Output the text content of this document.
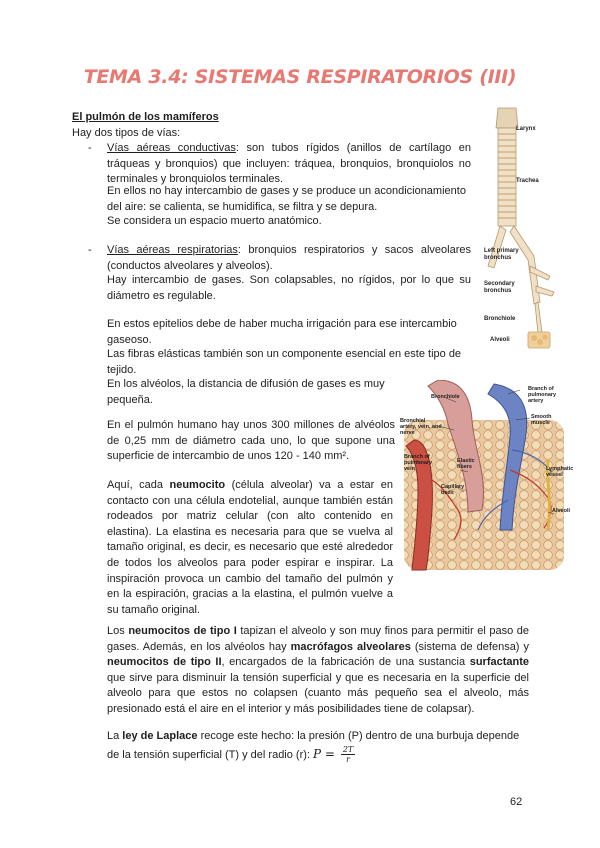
TEMA 3.4: SISTEMAS RESPIRATORIOS (III)
El pulmón de los mamíferos
Hay dos tipos de vías:
- Vías aéreas conductivas: son tubos rígidos (anillos de cartílago en tráqueas y bronquios) que incluyen: tráquea, bronquios, bronquiolos no terminales y bronquiolos terminales.
En ellos no hay intercambio de gases y se produce un acondicionamiento del aire: se calienta, se humidifica, se filtra y se depura.
Se considera un espacio muerto anatómico.
- Vías aéreas respiratorias: bronquios respiratorios y sacos alveolares (conductos alveolares y alveolos).
Hay intercambio de gases. Son colapsables, no rígidos, por lo que su diámetro es regulable.
En estos epitelios debe de haber mucha irrigación para ese intercambio gaseoso.
Las fibras elásticas también son un componente esencial en este tipo de tejido.
En los alvéolos, la distancia de difusión de gases es muy pequeña.
En el pulmón humano hay unos 300 millones de alvéolos de 0,25 mm de diámetro cada uno, lo que supone una superficie de intercambio de unos 120 - 140 mm².
Aquí, cada neumocito (célula alveolar) va a estar en contacto con una célula endotelial, aunque también están rodeados por matriz celular (con alto contenido en elastina). La elastina es necesaria para que se vuelva al tamaño original, es decir, es necesario que esté alrededor de todos los alveolos para poder espirar e inspirar. La inspiración provoca un cambio del tamaño del pulmón y en la espiración, gracias a la elastina, el pulmón vuelve a su tamaño original.
Los neumocitos de tipo I tapizan el alveolo y son muy finos para permitir el paso de gases. Además, en los alvéolos hay macrófagos alveolares (sistema de defensa) y neumocitos de tipo II, encargados de la fabricación de una sustancia surfactante que sirve para disminuir la tensión superficial y que es necesaria en la superficie del alveolo para que estos no colapsen (cuanto más pequeño sea el alveolo, más presionado está el aire en el interior y más posibilidades tiene de colapsar).
La ley de Laplace recoge este hecho: la presión (P) dentro de una burbuja depende de la tensión superficial (T) y del radio (r): $P = \frac{2T}{r}$
Larynx
Trachea
Left primary bronchus
Secondary bronchus
Bronchiole
Alveoli
Bronchiole
Branch of pulmonary artery
Bronchial artery, vein, and nerve
Smooth muscle
Branch of pulmonary vein
Elastic fibers
Capillary beds
Lymphatic vessel
Alveoli
62
